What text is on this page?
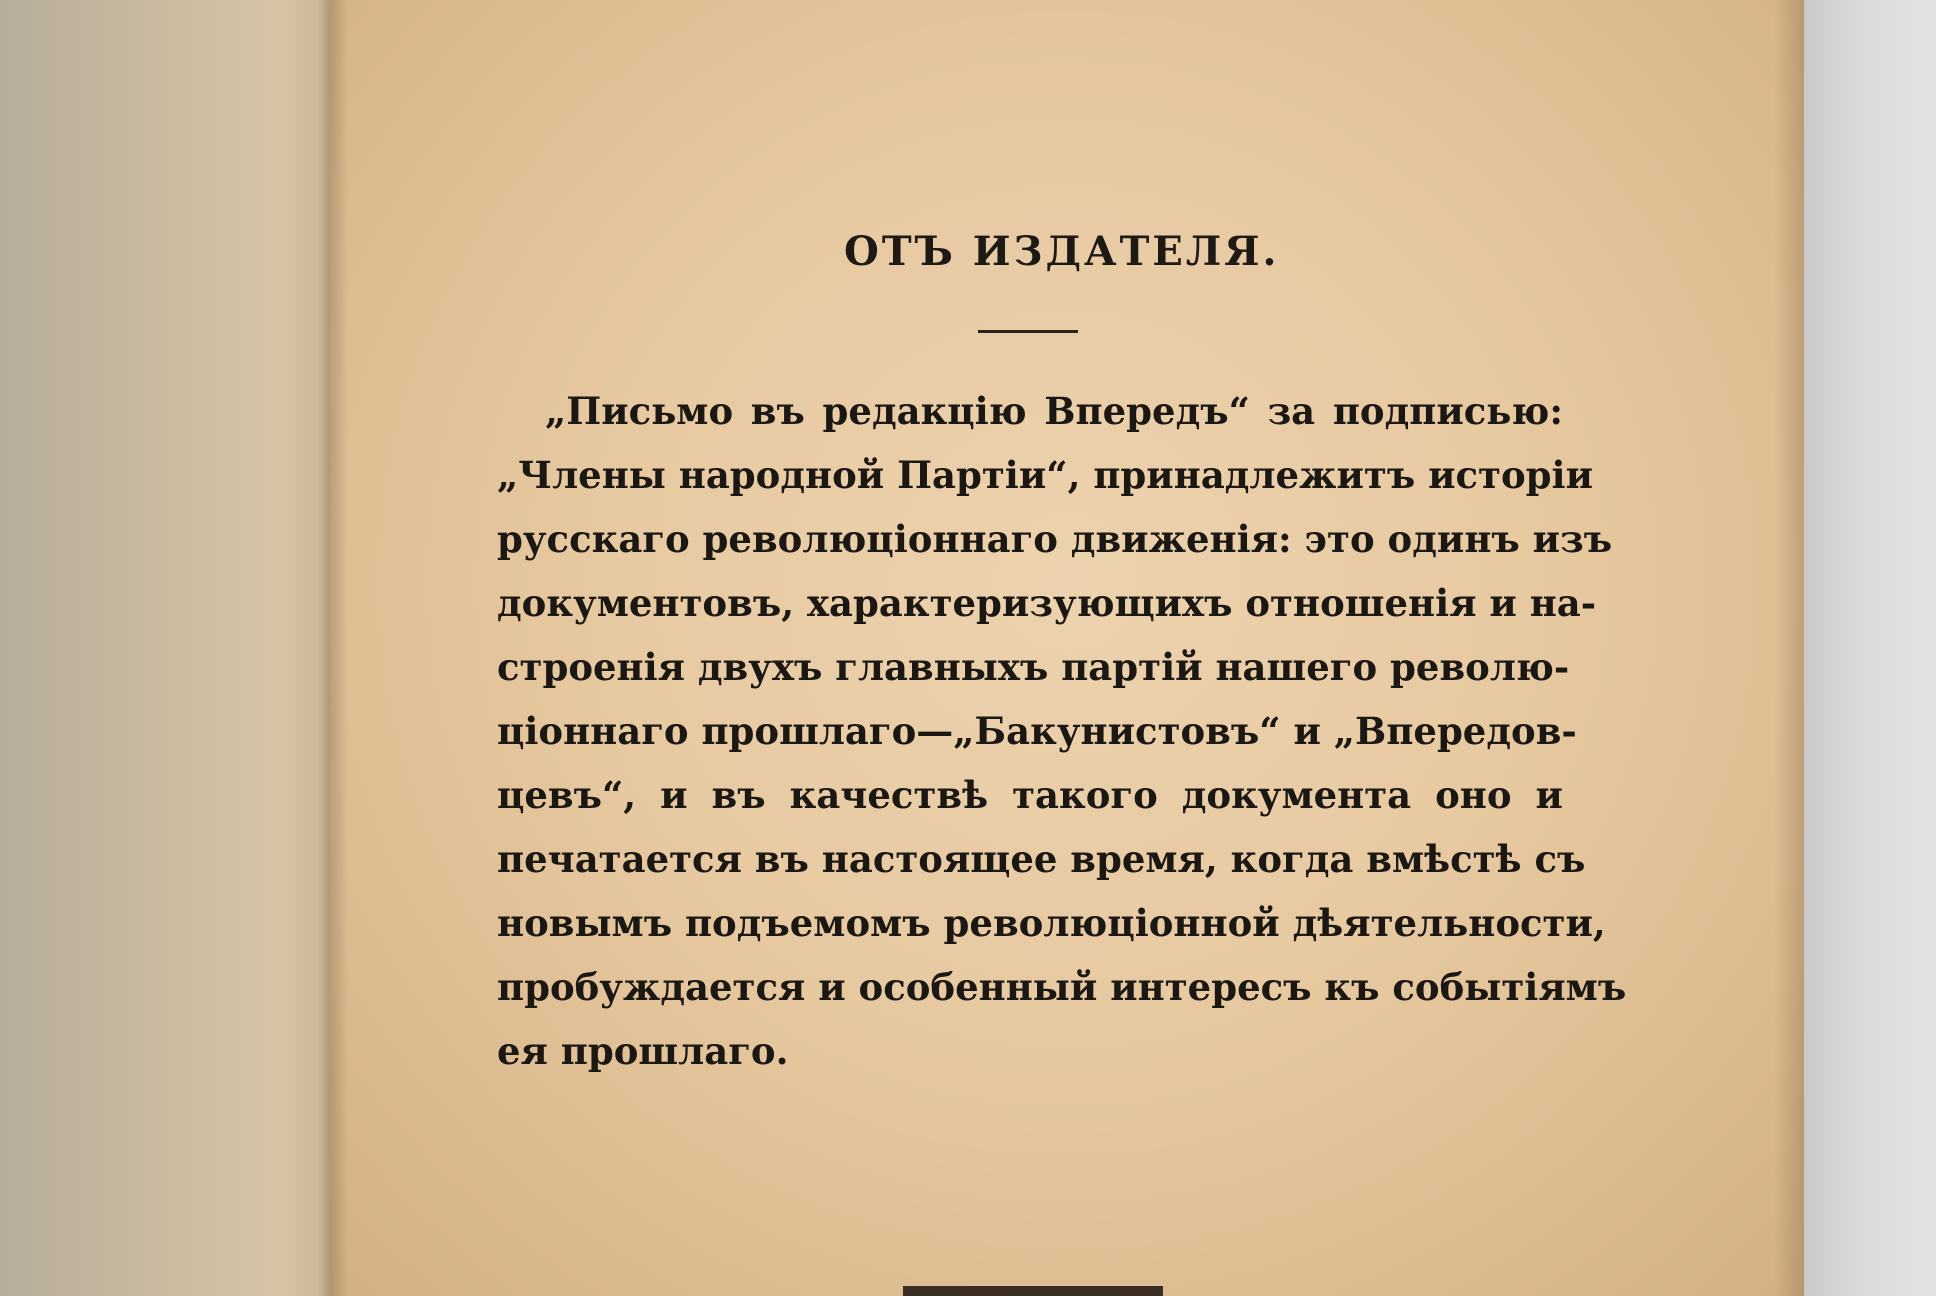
ОТЪ ИЗДАТЕЛЯ.
„Письмо въ редакцію Впередъ“ за подписью:
„Члены народной Партіи“, принадлежитъ исторіи
русскаго революціоннаго движенія: это одинъ изъ
документовъ, характеризующихъ отношенія и на-
строенія двухъ главныхъ партій нашего револю-
ціоннаго прошлаго—„Бакунистовъ“ и „Впередов-
цевъ“, и въ качествѣ такого документа оно и
печатается въ настоящее время, когда вмѣстѣ съ
новымъ подъемомъ революціонной дѣятельности,
пробуждается и особенный интересъ къ событіямъ
ея прошлаго.
